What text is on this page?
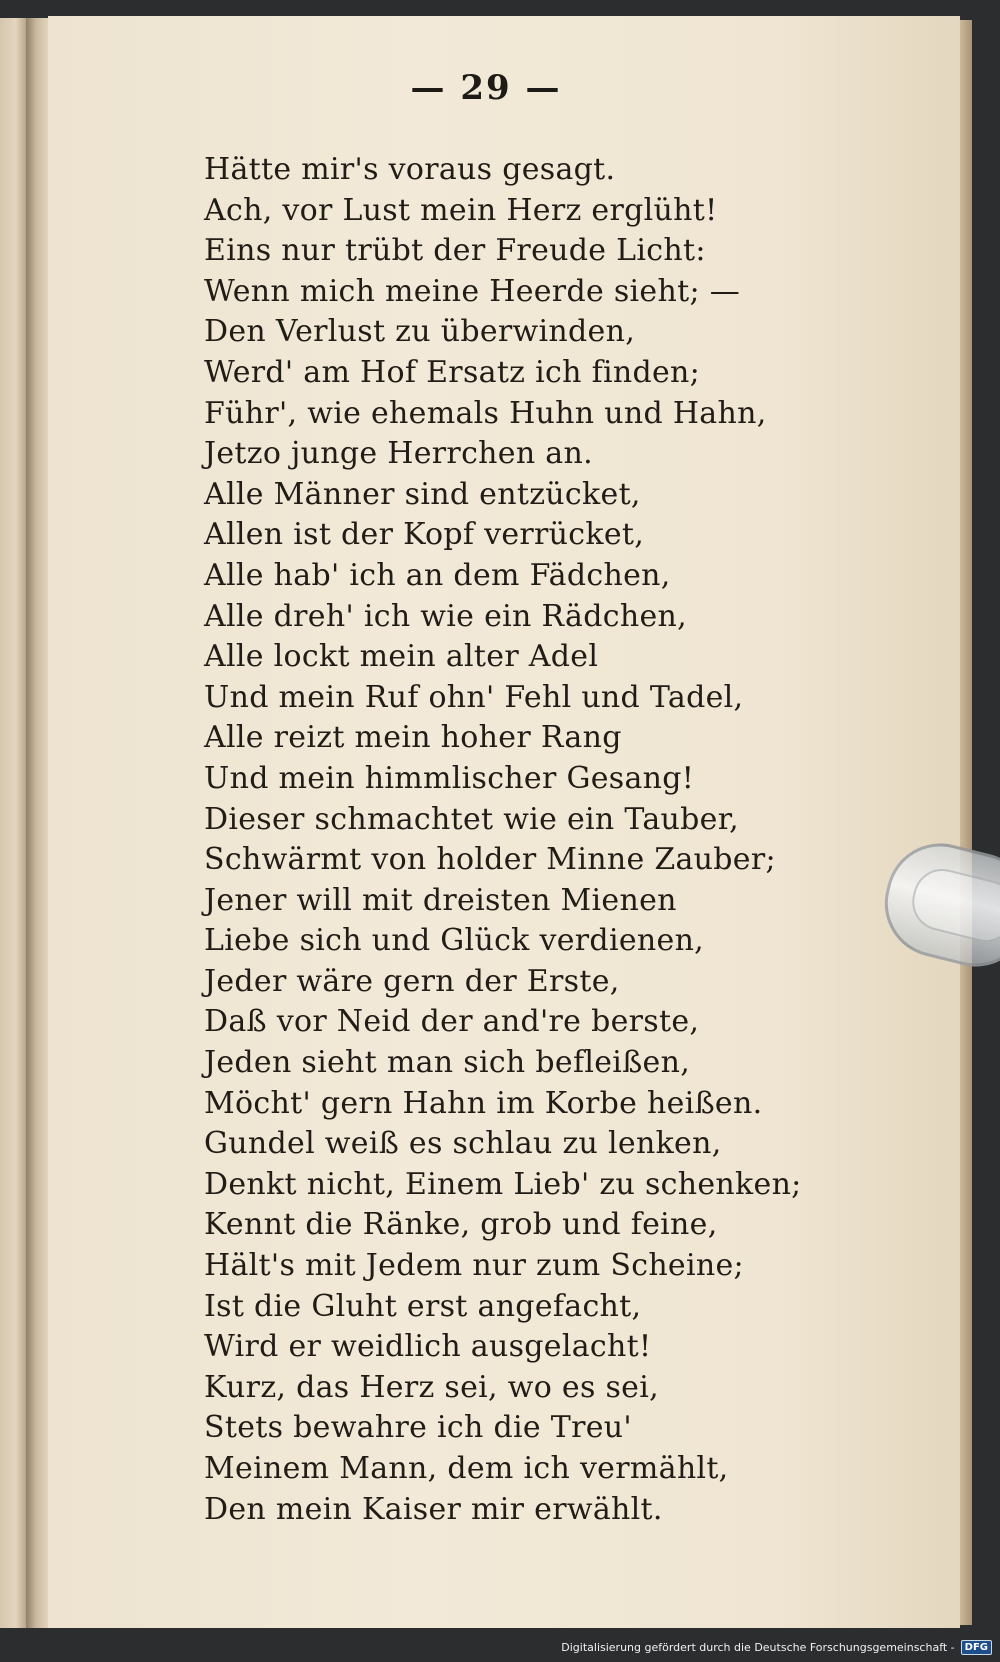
— 29 —
Hätte mir's voraus gesagt.
Ach, vor Lust mein Herz erglüht!
Eins nur trübt der Freude Licht:
Wenn mich meine Heerde sieht; —
Den Verlust zu überwinden,
Werd' am Hof Ersatz ich finden;
Führ', wie ehemals Huhn und Hahn,
Jetzo junge Herrchen an.
Alle Männer sind entzücket,
Allen ist der Kopf verrücket,
Alle hab' ich an dem Fädchen,
Alle dreh' ich wie ein Rädchen,
Alle lockt mein alter Adel
Und mein Ruf ohn' Fehl und Tadel,
Alle reizt mein hoher Rang
Und mein himmlischer Gesang!
Dieser schmachtet wie ein Tauber,
Schwärmt von holder Minne Zauber;
Jener will mit dreisten Mienen
Liebe sich und Glück verdienen,
Jeder wäre gern der Erste,
Daß vor Neid der and're berste,
Jeden sieht man sich befleißen,
Möcht' gern Hahn im Korbe heißen.
Gundel weiß es schlau zu lenken,
Denkt nicht, Einem Lieb' zu schenken;
Kennt die Ränke, grob und feine,
Hält's mit Jedem nur zum Scheine;
Ist die Gluht erst angefacht,
Wird er weidlich ausgelacht!
Kurz, das Herz sei, wo es sei,
Stets bewahre ich die Treu'
Meinem Mann, dem ich vermählt,
Den mein Kaiser mir erwählt.
Digitalisierung gefördert durch die Deutsche Forschungsgemeinschaft -	DFG
